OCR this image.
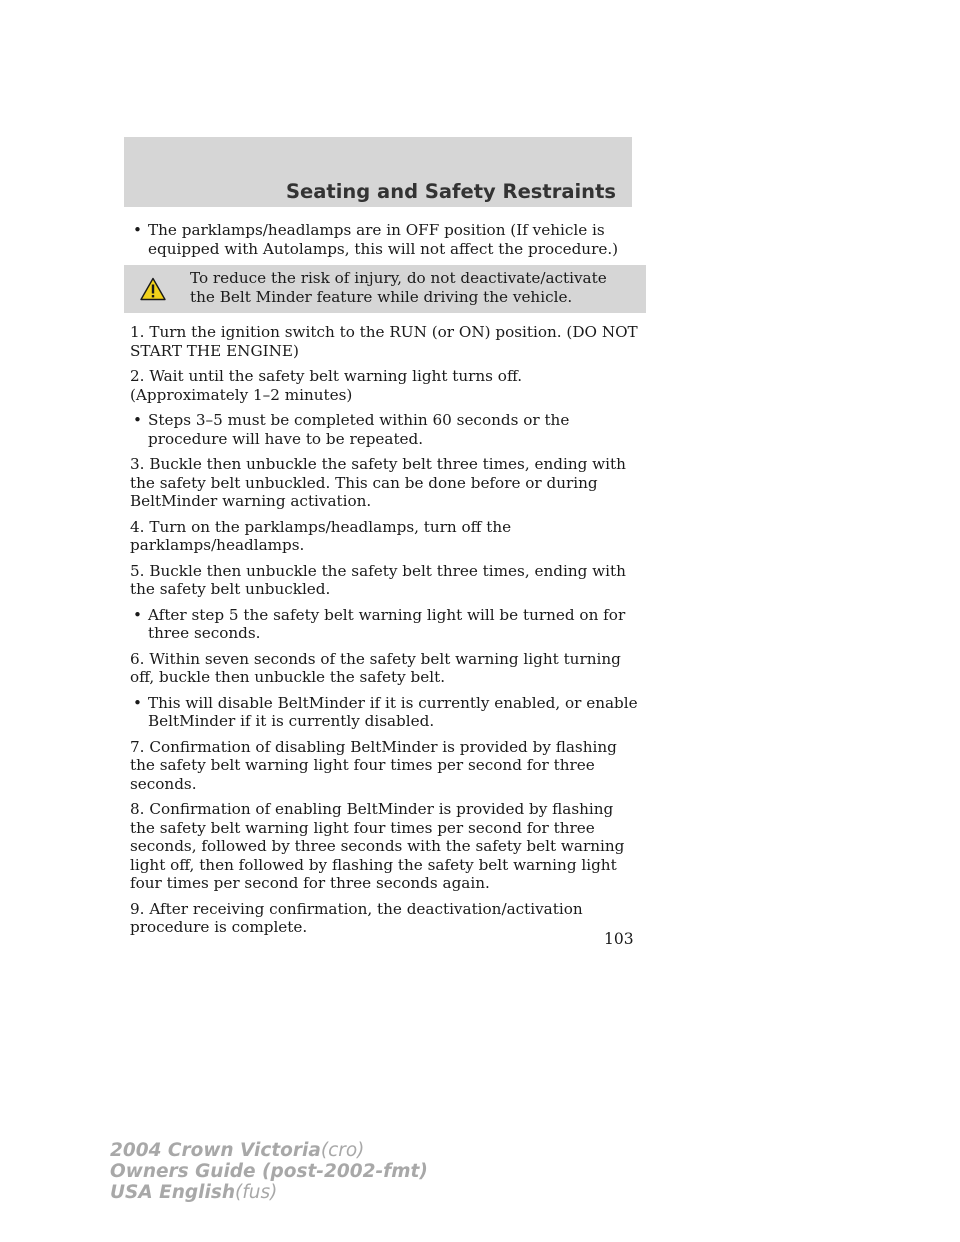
Seating and Safety Restraints
• The parklamps/headlamps are in OFF position (If vehicle is equipped with Autolamps, this will not affect the procedure.)
To reduce the risk of injury, do not deactivate/activate the Belt Minder feature while driving the vehicle.

1. Turn the ignition switch to the RUN (or ON) position. (DO NOT START THE ENGINE)

2. Wait until the safety belt warning light turns off. (Approximately 1–2 minutes)

• Steps 3–5 must be completed within 60 seconds or the procedure will have to be repeated.

3. Buckle then unbuckle the safety belt three times, ending with the safety belt unbuckled. This can be done before or during BeltMinder warning activation.

4. Turn on the parklamps/headlamps, turn off the parklamps/headlamps.

5. Buckle then unbuckle the safety belt three times, ending with the safety belt unbuckled.

• After step 5 the safety belt warning light will be turned on for three seconds.

6. Within seven seconds of the safety belt warning light turning off, buckle then unbuckle the safety belt.

• This will disable BeltMinder if it is currently enabled, or enable BeltMinder if it is currently disabled.

7. Confirmation of disabling BeltMinder is provided by flashing the safety belt warning light four times per second for three seconds.

8. Confirmation of enabling BeltMinder is provided by flashing the safety belt warning light four times per second for three seconds, followed by three seconds with the safety belt warning light off, then followed by flashing the safety belt warning light four times per second for three seconds again.

9. After receiving confirmation, the deactivation/activation procedure is complete.

103
2004 Crown Victoria(cro)
Owners Guide (post-2002-fmt)
USA English(fus)
